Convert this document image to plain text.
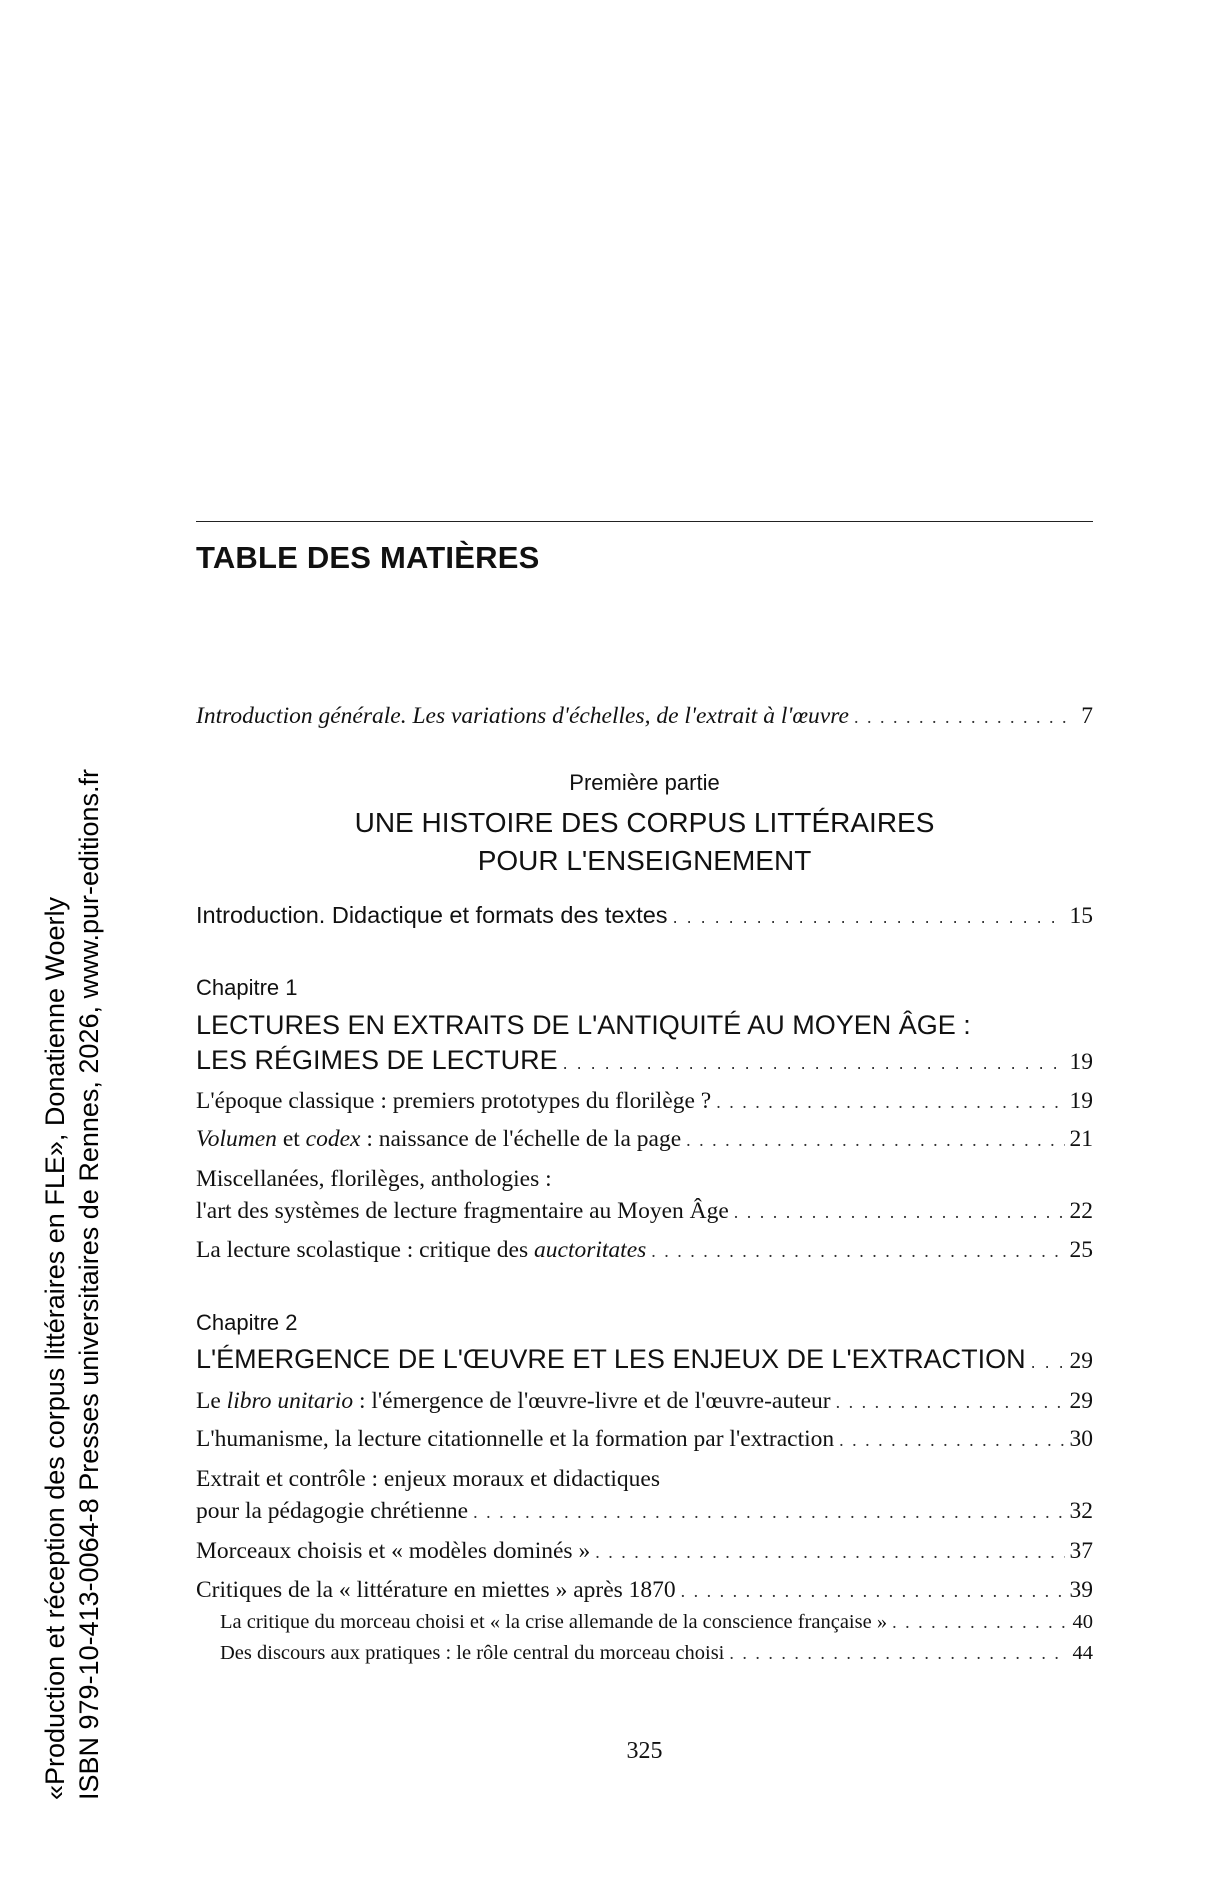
«Production et réception des corpus littéraires en FLE», Donatienne Woerly ISBN 979-10-413-0064-8 Presses universitaires de Rennes, 2026, www.pur-editions.fr
TABLE DES MATIÈRES
Introduction générale. Les variations d'échelles, de l'extrait à l'œuvre . . .	7
Première partie
UNE HISTOIRE DES CORPUS LITTÉRAIRES
POUR L'ENSEIGNEMENT
Introduction. Didactique et formats des textes . . .	15
Chapitre 1
LECTURES EN EXTRAITS DE L'ANTIQUITÉ AU MOYEN ÂGE :
LES RÉGIMES DE LECTURE . . .	19
L'époque classique : premiers prototypes du florilège ? . . .	19
Volumen et codex : naissance de l'échelle de la page . . .	21
Miscellanées, florilèges, anthologies :
l'art des systèmes de lecture fragmentaire au Moyen Âge . . .	22
La lecture scolastique : critique des auctoritates . . .	25
Chapitre 2
L'ÉMERGENCE DE L'ŒUVRE ET LES ENJEUX DE L'EXTRACTION . . . 29
Le libro unitario : l'émergence de l'œuvre-livre et de l'œuvre-auteur . . .	29
L'humanisme, la lecture citationnelle et la formation par l'extraction . . .	30
Extrait et contrôle : enjeux moraux et didactiques
pour la pédagogie chrétienne . . .	32
Morceaux choisis et « modèles dominés » . . .	37
Critiques de la « littérature en miettes » après 1870 . . .	39
La critique du morceau choisi et « la crise allemande de la conscience française » . . .	40
Des discours aux pratiques : le rôle central du morceau choisi . . .	44
325
